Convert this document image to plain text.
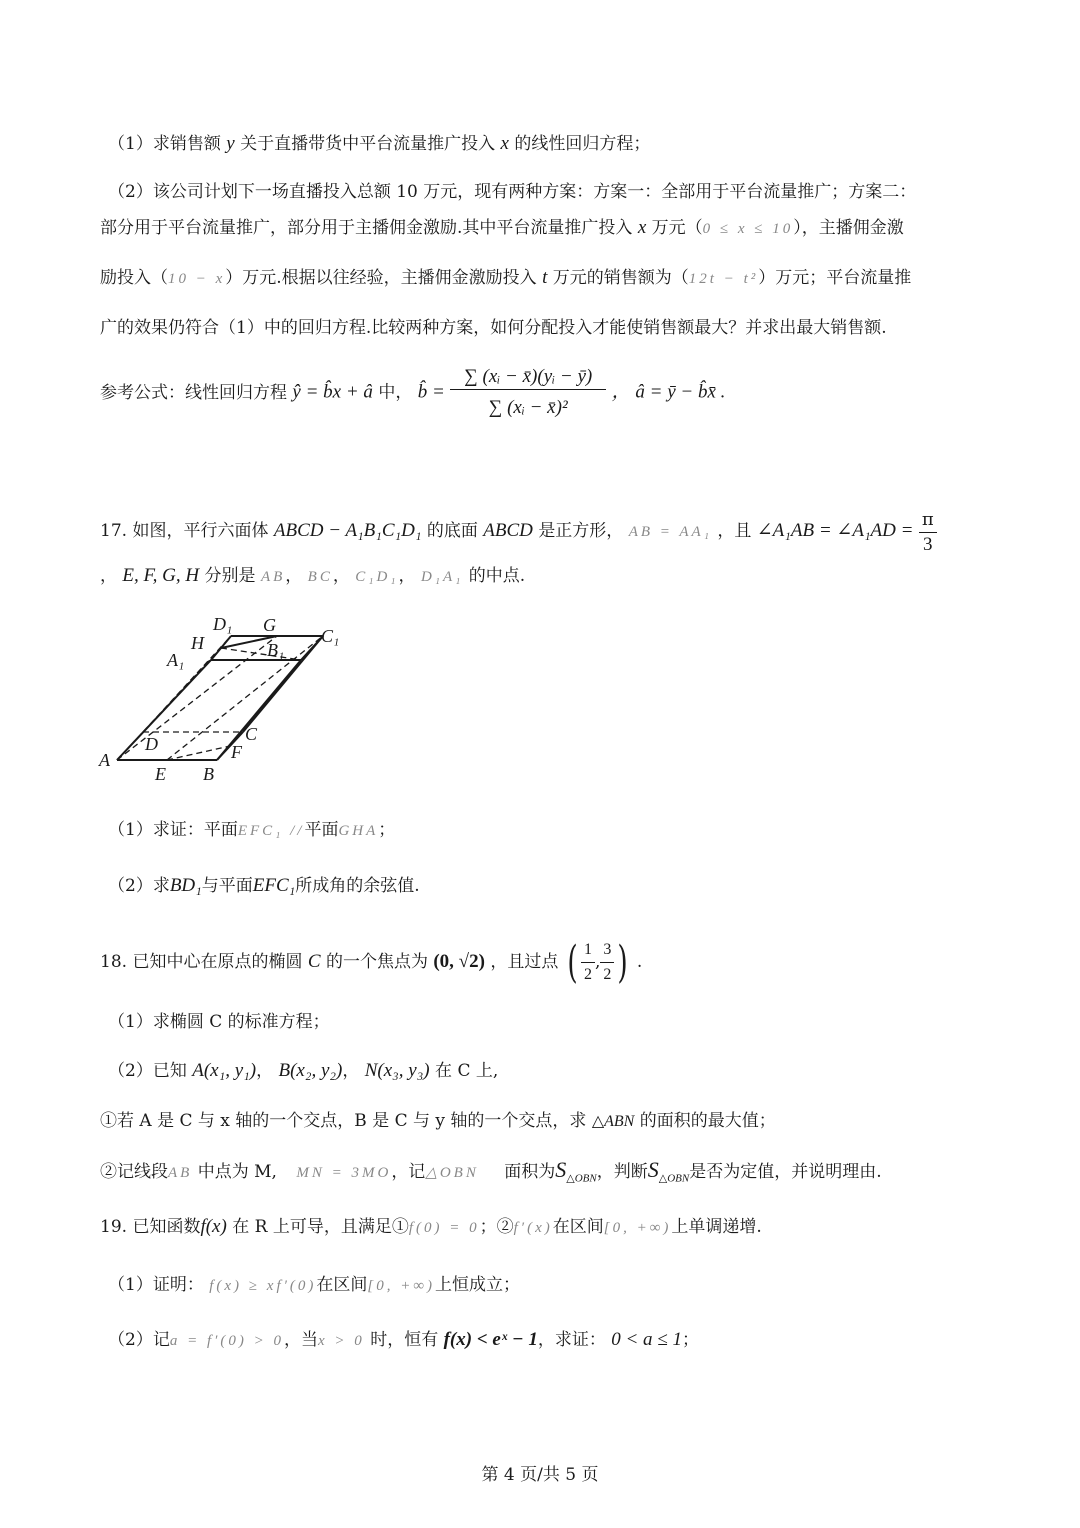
（1）求销售额 y 关于直播带货中平台流量推广投入 x 的线性回归方程；
（2）该公司计划下一场直播投入总额 10 万元，现有两种方案：方案一：全部用于平台流量推广；方案二：
部分用于平台流量推广，部分用于主播佣金激励.其中平台流量推广投入 x 万元（0 ≤ x ≤ 10），主播佣金激
励投入（10 − x）万元.根据以往经验，主播佣金激励投入 t 万元的销售额为（12t − t²）万元；平台流量推
广的效果仍符合（1）中的回归方程.比较两种方案，如何分配投入才能使销售额最大？并求出最大销售额.
参考公式：线性回归方程 ŷ = b̂x + â 中， b̂ = $\frac{\text{∑ (xᵢ − x̄)(yᵢ − ȳ)}}{\text{∑ (xᵢ − x̄)²}}$ ， â = ȳ − b̂x̄ .
17. 如图，平行六面体 ABCD − A₁B₁C₁D₁ 的底面 ABCD 是正方形， AB = AA₁ ，且 ∠A₁AB = ∠A₁AD = $\frac{\pi}{3}$
， E, F, G, H 分别是 AB， BC， C₁D₁， D₁A₁ 的中点.
D₁ G
C₁
H
A₁	B₁
D	C
F
A
E B
（1）求证：平面EFC₁ //平面GHA；
（2）求BD₁与平面EFC₁所成角的余弦值.
18. 已知中心在原点的椭圆 C 的一个焦点为 (0, √2) ，且过点 ( $\frac{1}{2}$ , $\frac{3}{2}$ ) .
（1）求椭圆 C 的标准方程；
（2）已知 A(x₁, y₁)， B(x₂, y₂)， N(x₃, y₃) 在 C 上,
①若 A 是 C 与 x 轴的一个交点，B 是 C 与 y 轴的一个交点，求 △ABN 的面积的最大值；
②记线段AB 中点为 M, MN = 3MO，记△OBN 面积为$S_{\triangle OBN}$，判断$S_{\triangle OBN}$是否为定值，并说明理由.
19. 已知函数f(x) 在 R 上可导，且满足①f(0) = 0；②f′(x)在区间[0, +∞)上单调递增.
（1）证明： f(x) ≥ xf′(0)在区间[0, +∞)上恒成立；
（2）记a = f′(0) > 0，当x > 0 时，恒有 f(x) < eˣ − 1，求证： 0 < a ≤ 1；
第 4 页/共 5 页
